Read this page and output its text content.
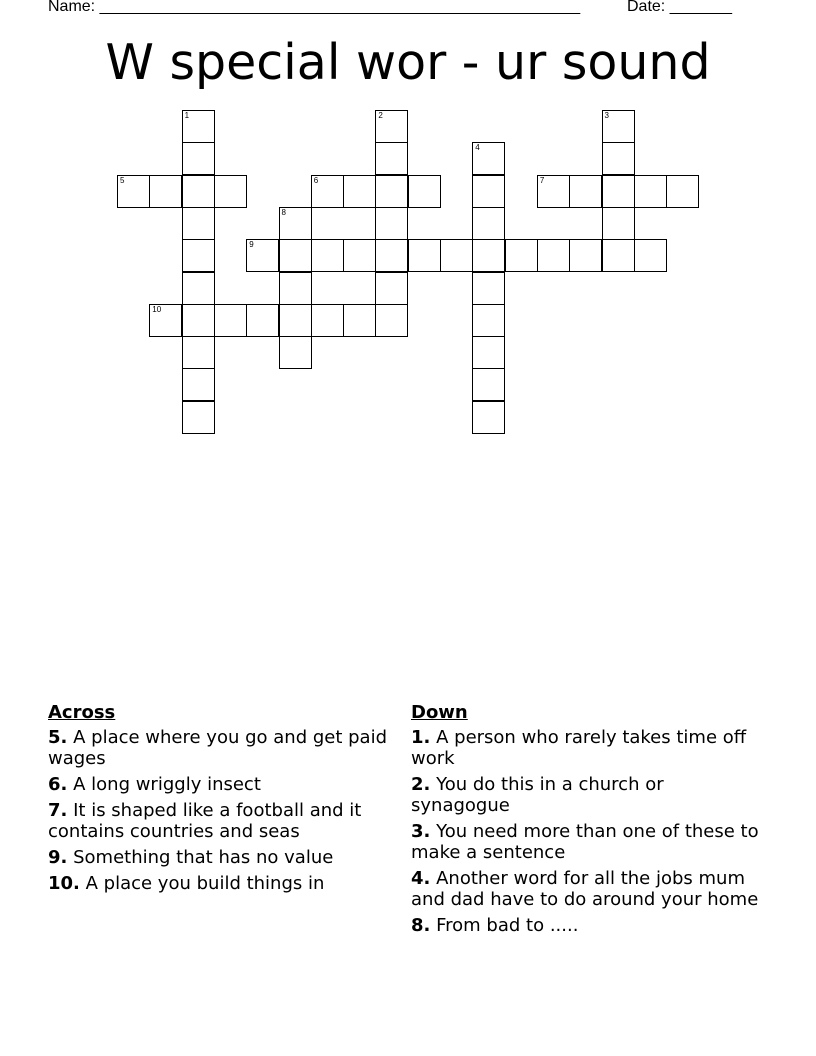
Name: ______________________________________________________	Date: _______
W special wor - ur sound
1	2	3
4
5	6	7
8
9
10
Across
5. A place where you go and get paid wages
6. A long wriggly insect
7. It is shaped like a football and it contains countries and seas
9. Something that has no value
10. A place you build things in
Down
1. A person who rarely takes time off work
2. You do this in a church or synagogue
3. You need more than one of these to make a sentence
4. Another word for all the jobs mum and dad have to do around your home
8. From bad to .....
